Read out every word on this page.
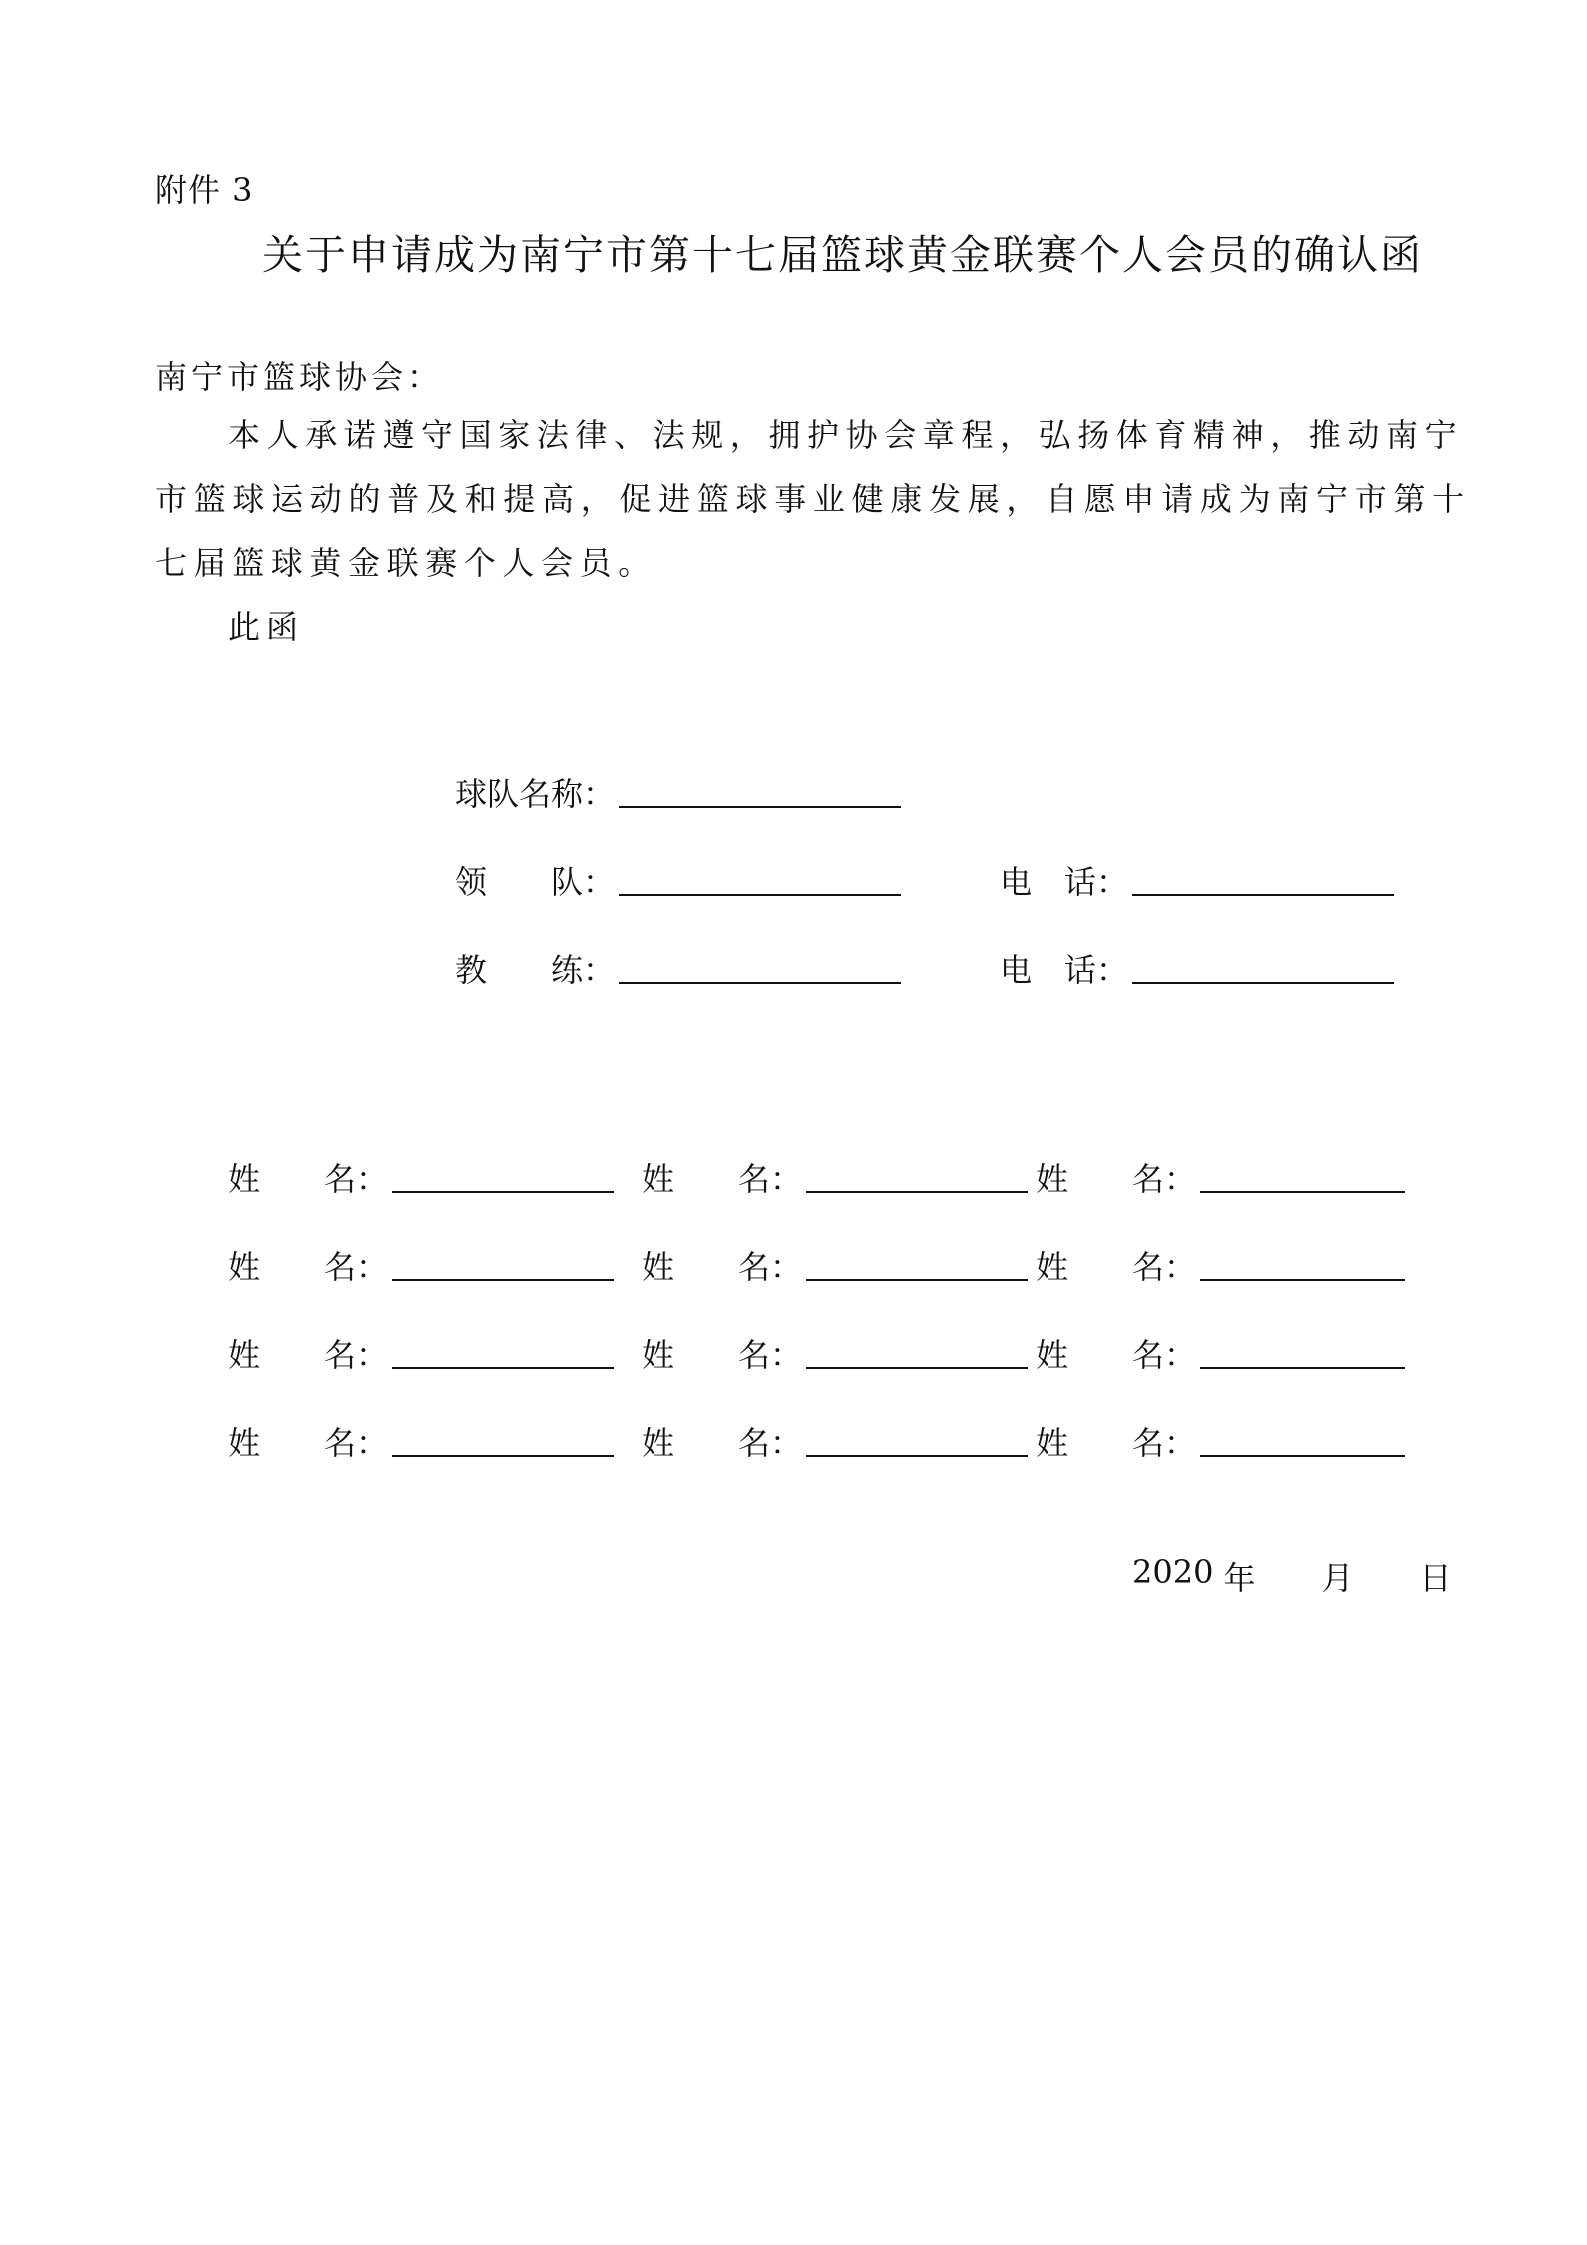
附件 3
关于申请成为南宁市第十七届篮球黄金联赛个人会员的确认函
南宁市篮球协会：
本人承诺遵守国家法律、法规，拥护协会章程，弘扬体育精神，推动南宁
市篮球运动的普及和提高，促进篮球事业健康发展，自愿申请成为南宁市第十
七届篮球黄金联赛个人会员。
此函
球队名称：
领　　队：	电　话：
教　　练：	电　话：
姓　　名：	姓　　名：	姓　　名：
姓　　名：	姓　　名：	姓　　名：
姓　　名：	姓　　名：	姓　　名：
姓　　名：	姓　　名：	姓　　名：
2020
年 月 日
